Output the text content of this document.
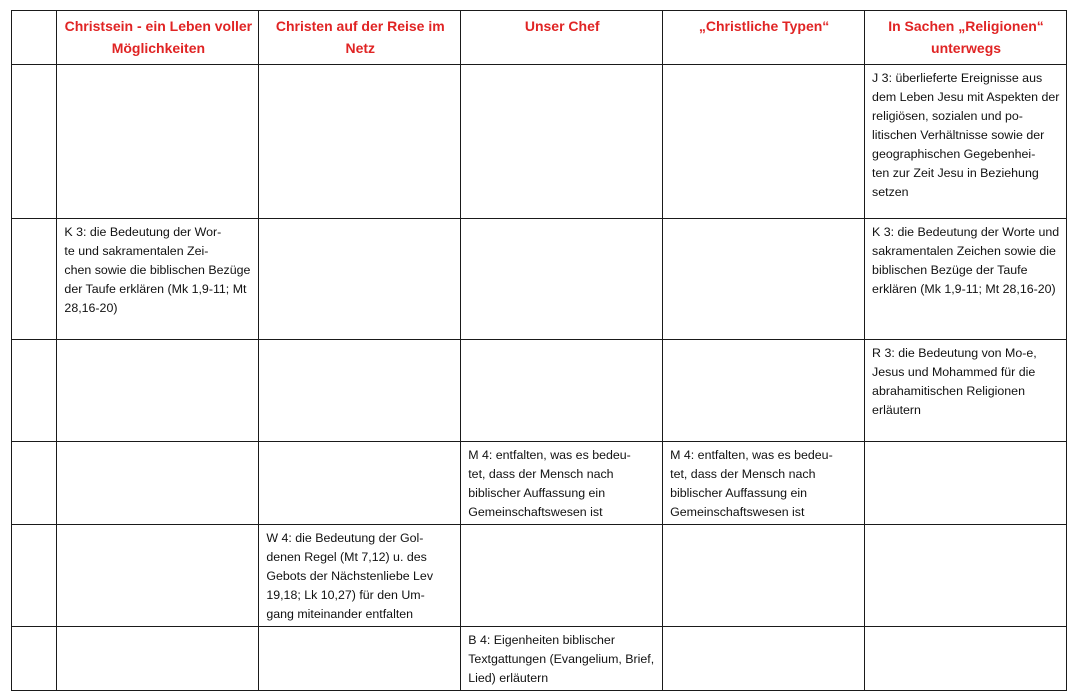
	Christsein - ein Leben voller Möglichkeiten	Christen auf der Reise im Netz	Unser Chef	„Christliche Typen“	In Sachen „Religionen“ unterwegs
					J 3: überlieferte Ereignisse aus dem Leben Jesu mit Aspekten der religiösen, sozialen und po-
litischen Verhältnisse sowie der geographischen Gegebenhei-
ten zur Zeit Jesu in Beziehung setzen
	K 3: die Bedeutung der Wor-
te und sakramentalen Zei-
chen sowie die biblischen Bezüge der Taufe erklären (Mk 1,9-11; Mt 28,16-20)				K 3: die Bedeutung der Worte und sakramentalen Zeichen sowie die biblischen Bezüge der Taufe erklären (Mk 1,9-11; Mt 28,16-20)
					R 3: die Bedeutung von Mo-e, Jesus und Mohammed für die abrahamitischen Religionen erläutern
			M 4: entfalten, was es bedeu-
tet, dass der Mensch nach biblischer Auffassung ein Gemeinschaftswesen ist	M 4: entfalten, was es bedeu-
tet, dass der Mensch nach biblischer Auffassung ein Gemeinschaftswesen ist	
		W 4: die Bedeutung der Gol-
denen Regel (Mt 7,12) u. des Gebots der Nächstenliebe Lev 19,18; Lk 10,27) für den Um-
gang miteinander entfalten			
			B 4: Eigenheiten biblischer Textgattungen (Evangelium, Brief, Lied) erläutern		
